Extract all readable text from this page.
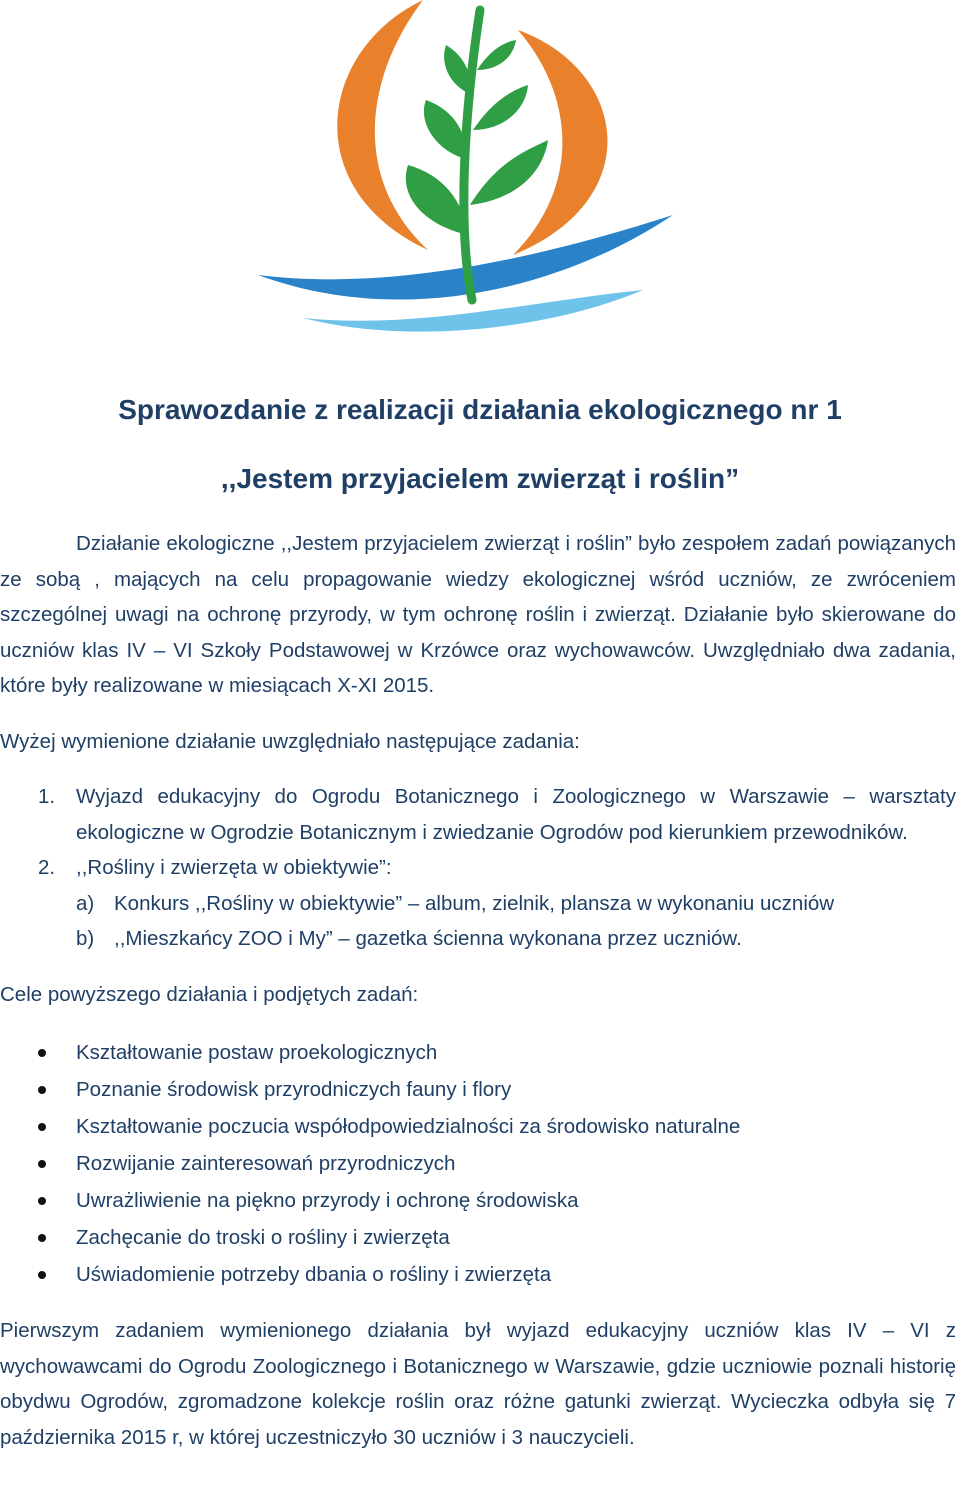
Sprawozdanie z realizacji działania ekologicznego nr 1
,,Jestem przyjacielem zwierząt i roślin”

Działanie ekologiczne ,,Jestem przyjacielem zwierząt i roślin” było zespołem zadań powiązanych ze sobą , mających na celu propagowanie wiedzy ekologicznej wśród uczniów, ze zwróceniem szczególnej uwagi na ochronę przyrody, w tym ochronę roślin i zwierząt. Działanie było skierowane do uczniów klas IV – VI Szkoły Podstawowej w Krzówce oraz wychowawców. Uwzględniało dwa zadania, które były realizowane w miesiącach X-XI 2015.

Wyżej wymienione działanie uwzględniało następujące zadania:

1. Wyjazd edukacyjny do Ogrodu Botanicznego i Zoologicznego w Warszawie – warsztaty ekologiczne w Ogrodzie Botanicznym i zwiedzanie Ogrodów pod kierunkiem przewodników.
2. ,,Rośliny i zwierzęta w obiektywie”:
a) Konkurs ,,Rośliny w obiektywie” – album, zielnik, plansza w wykonaniu uczniów
b) ,,Mieszkańcy ZOO i My” – gazetka ścienna wykonana przez uczniów.

Cele powyższego działania i podjętych zadań:

Kształtowanie postaw proekologicznych
Poznanie środowisk przyrodniczych fauny i flory
Kształtowanie poczucia współodpowiedzialności za środowisko naturalne
Rozwijanie zainteresowań przyrodniczych
Uwrażliwienie na piękno przyrody i ochronę środowiska
Zachęcanie do troski o rośliny i zwierzęta
Uświadomienie potrzeby dbania o rośliny i zwierzęta

Pierwszym zadaniem wymienionego działania był wyjazd edukacyjny uczniów klas IV – VI z wychowawcami do Ogrodu Zoologicznego i Botanicznego w Warszawie, gdzie uczniowie poznali historię obydwu Ogrodów, zgromadzone kolekcje roślin oraz różne gatunki zwierząt. Wycieczka odbyła się 7 października 2015 r, w której uczestniczyło 30 uczniów i 3 nauczycieli.
